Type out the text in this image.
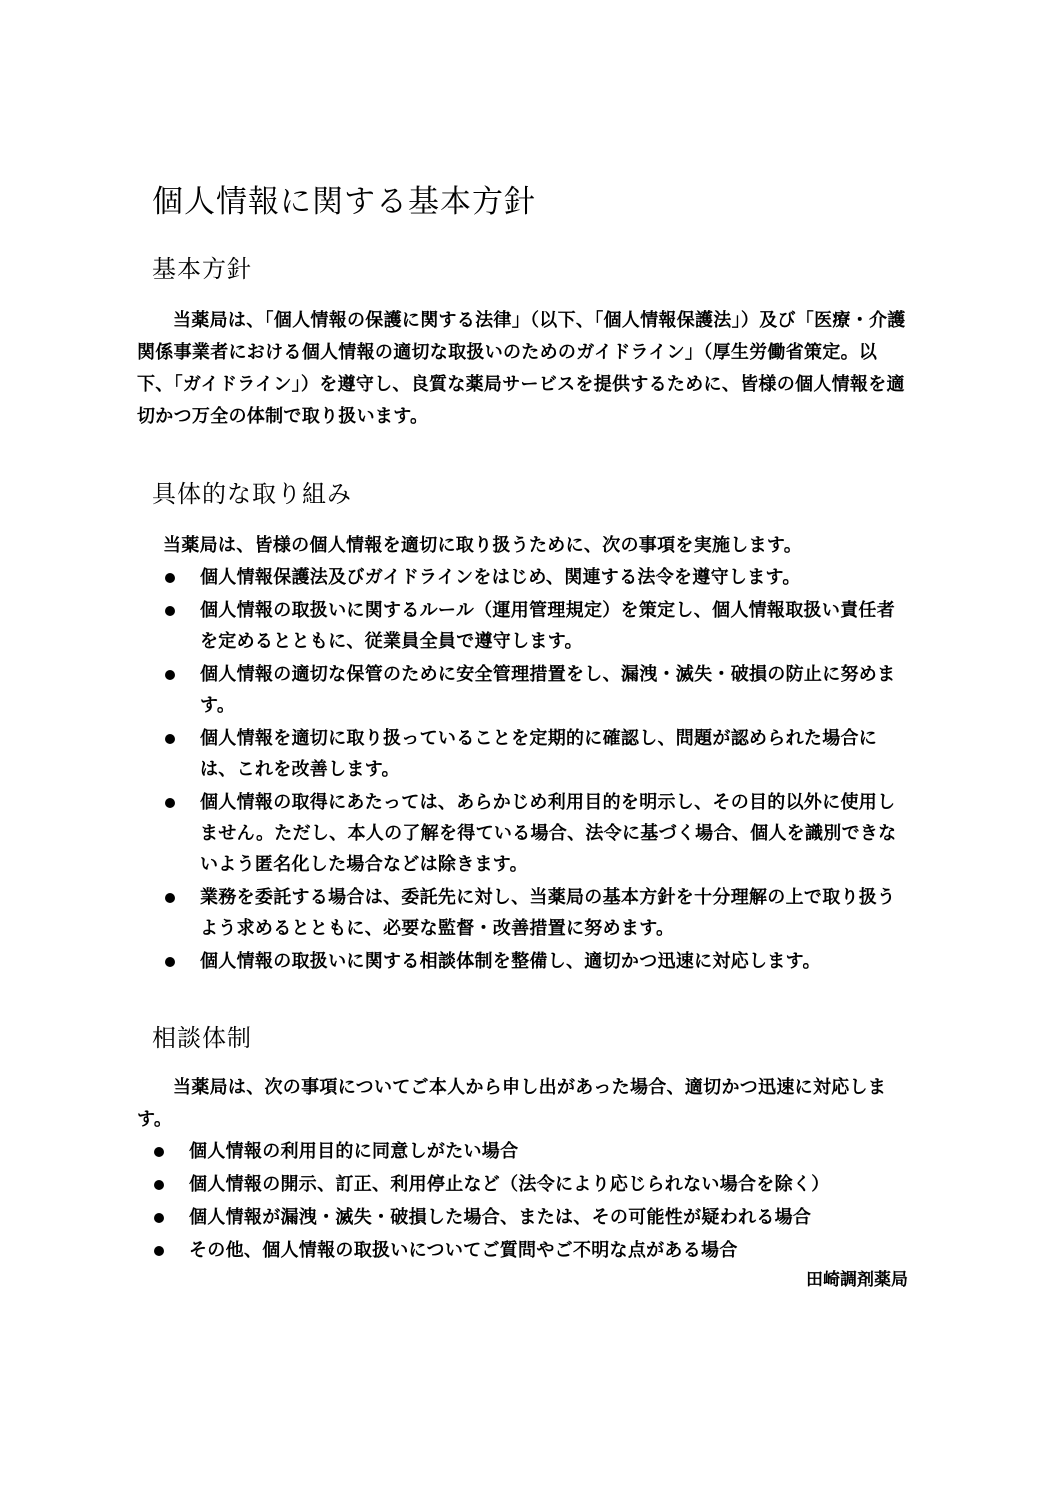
個人情報に関する基本方針
基本方針

当薬局は、「個人情報の保護に関する法律」（以下、「個人情報保護法」）及び「医療・介護関係事業者における個人情報の適切な取扱いのためのガイドライン」（厚生労働省策定。以下、「ガイドライン」）を遵守し、良質な薬局サービスを提供するために、皆様の個人情報を適切かつ万全の体制で取り扱います。

具体的な取り組み

当薬局は、皆様の個人情報を適切に取り扱うために、次の事項を実施します。

個人情報保護法及びガイドラインをはじめ、関連する法令を遵守します。
個人情報の取扱いに関するルール（運用管理規定）を策定し、個人情報取扱い責任者を定めるとともに、従業員全員で遵守します。
個人情報の適切な保管のために安全管理措置をし、漏洩・滅失・破損の防止に努めます。
個人情報を適切に取り扱っていることを定期的に確認し、問題が認められた場合には、これを改善します。
個人情報の取得にあたっては、あらかじめ利用目的を明示し、その目的以外に使用しません。ただし、本人の了解を得ている場合、法令に基づく場合、個人を識別できないよう匿名化した場合などは除きます。
業務を委託する場合は、委託先に対し、当薬局の基本方針を十分理解の上で取り扱うよう求めるとともに、必要な監督・改善措置に努めます。
個人情報の取扱いに関する相談体制を整備し、適切かつ迅速に対応します。
相談体制

当薬局は、次の事項についてご本人から申し出があった場合、適切かつ迅速に対応します。

個人情報の利用目的に同意しがたい場合
個人情報の開示、訂正、利用停止など（法令により応じられない場合を除く）
個人情報が漏洩・滅失・破損した場合、または、その可能性が疑われる場合
その他、個人情報の取扱いについてご質問やご不明な点がある場合

田崎調剤薬局
